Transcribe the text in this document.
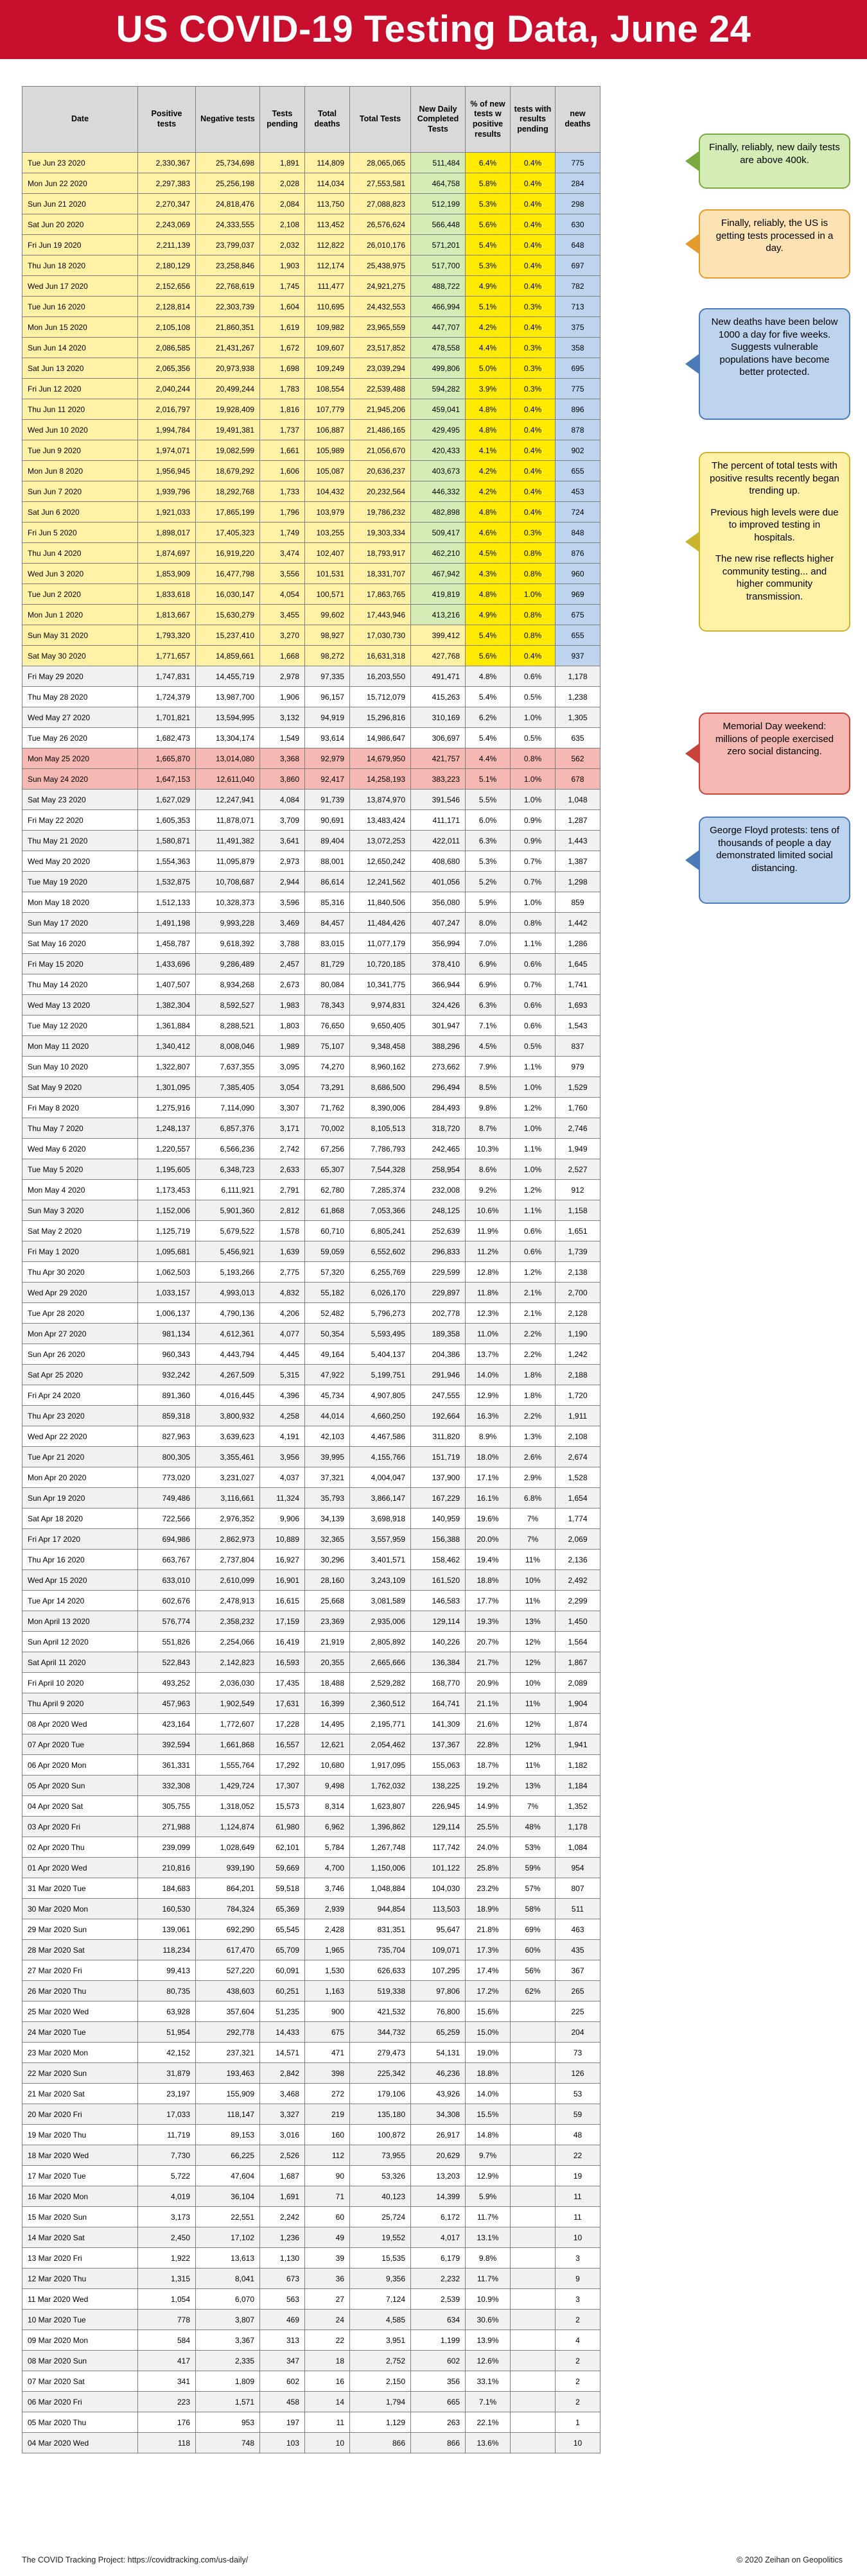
US COVID-19 Testing Data, June 24
Date	Positive tests	Negative tests	Tests pending	Total deaths	Total Tests	New Daily Completed Tests	% of new tests w positive results	tests with results pending	new deaths
Tue Jun 23 2020	2,330,367	25,734,698	1,891	114,809	28,065,065	511,484	6.4%	0.4%	775
Mon Jun 22 2020	2,297,383	25,256,198	2,028	114,034	27,553,581	464,758	5.8%	0.4%	284
Sun Jun 21 2020	2,270,347	24,818,476	2,084	113,750	27,088,823	512,199	5.3%	0.4%	298
Sat Jun 20 2020	2,243,069	24,333,555	2,108	113,452	26,576,624	566,448	5.6%	0.4%	630
Fri Jun 19 2020	2,211,139	23,799,037	2,032	112,822	26,010,176	571,201	5.4%	0.4%	648
Thu Jun 18 2020	2,180,129	23,258,846	1,903	112,174	25,438,975	517,700	5.3%	0.4%	697
Wed Jun 17 2020	2,152,656	22,768,619	1,745	111,477	24,921,275	488,722	4.9%	0.4%	782
Tue Jun 16 2020	2,128,814	22,303,739	1,604	110,695	24,432,553	466,994	5.1%	0.3%	713
Mon Jun 15 2020	2,105,108	21,860,351	1,619	109,982	23,965,559	447,707	4.2%	0.4%	375
Sun Jun 14 2020	2,086,585	21,431,267	1,672	109,607	23,517,852	478,558	4.4%	0.3%	358
Sat Jun 13 2020	2,065,356	20,973,938	1,698	109,249	23,039,294	499,806	5.0%	0.3%	695
Fri Jun 12 2020	2,040,244	20,499,244	1,783	108,554	22,539,488	594,282	3.9%	0.3%	775
Thu Jun 11 2020	2,016,797	19,928,409	1,816	107,779	21,945,206	459,041	4.8%	0.4%	896
Wed Jun 10 2020	1,994,784	19,491,381	1,737	106,887	21,486,165	429,495	4.8%	0.4%	878
Tue Jun 9 2020	1,974,071	19,082,599	1,661	105,989	21,056,670	420,433	4.1%	0.4%	902
Mon Jun 8 2020	1,956,945	18,679,292	1,606	105,087	20,636,237	403,673	4.2%	0.4%	655
Sun Jun 7 2020	1,939,796	18,292,768	1,733	104,432	20,232,564	446,332	4.2%	0.4%	453
Sat Jun 6 2020	1,921,033	17,865,199	1,796	103,979	19,786,232	482,898	4.8%	0.4%	724
Fri Jun 5 2020	1,898,017	17,405,323	1,749	103,255	19,303,334	509,417	4.6%	0.3%	848
Thu Jun 4 2020	1,874,697	16,919,220	3,474	102,407	18,793,917	462,210	4.5%	0.8%	876
Wed Jun 3 2020	1,853,909	16,477,798	3,556	101,531	18,331,707	467,942	4.3%	0.8%	960
Tue Jun 2 2020	1,833,618	16,030,147	4,054	100,571	17,863,765	419,819	4.8%	1.0%	969
Mon Jun 1 2020	1,813,667	15,630,279	3,455	99,602	17,443,946	413,216	4.9%	0.8%	675
Sun May 31 2020	1,793,320	15,237,410	3,270	98,927	17,030,730	399,412	5.4%	0.8%	655
Sat May 30 2020	1,771,657	14,859,661	1,668	98,272	16,631,318	427,768	5.6%	0.4%	937
Fri May 29 2020	1,747,831	14,455,719	2,978	97,335	16,203,550	491,471	4.8%	0.6%	1,178
Thu May 28 2020	1,724,379	13,987,700	1,906	96,157	15,712,079	415,263	5.4%	0.5%	1,238
Wed May 27 2020	1,701,821	13,594,995	3,132	94,919	15,296,816	310,169	6.2%	1.0%	1,305
Tue May 26 2020	1,682,473	13,304,174	1,549	93,614	14,986,647	306,697	5.4%	0.5%	635
Mon May 25 2020	1,665,870	13,014,080	3,368	92,979	14,679,950	421,757	4.4%	0.8%	562
Sun May 24 2020	1,647,153	12,611,040	3,860	92,417	14,258,193	383,223	5.1%	1.0%	678
Sat May 23 2020	1,627,029	12,247,941	4,084	91,739	13,874,970	391,546	5.5%	1.0%	1,048
Fri May 22 2020	1,605,353	11,878,071	3,709	90,691	13,483,424	411,171	6.0%	0.9%	1,287
Thu May 21 2020	1,580,871	11,491,382	3,641	89,404	13,072,253	422,011	6.3%	0.9%	1,443
Wed May 20 2020	1,554,363	11,095,879	2,973	88,001	12,650,242	408,680	5.3%	0.7%	1,387
Tue May 19 2020	1,532,875	10,708,687	2,944	86,614	12,241,562	401,056	5.2%	0.7%	1,298
Mon May 18 2020	1,512,133	10,328,373	3,596	85,316	11,840,506	356,080	5.9%	1.0%	859
Sun May 17 2020	1,491,198	9,993,228	3,469	84,457	11,484,426	407,247	8.0%	0.8%	1,442
Sat May 16 2020	1,458,787	9,618,392	3,788	83,015	11,077,179	356,994	7.0%	1.1%	1,286
Fri May 15 2020	1,433,696	9,286,489	2,457	81,729	10,720,185	378,410	6.9%	0.6%	1,645
Thu May 14 2020	1,407,507	8,934,268	2,673	80,084	10,341,775	366,944	6.9%	0.7%	1,741
Wed May 13 2020	1,382,304	8,592,527	1,983	78,343	9,974,831	324,426	6.3%	0.6%	1,693
Tue May 12 2020	1,361,884	8,288,521	1,803	76,650	9,650,405	301,947	7.1%	0.6%	1,543
Mon May 11 2020	1,340,412	8,008,046	1,989	75,107	9,348,458	388,296	4.5%	0.5%	837
Sun May 10 2020	1,322,807	7,637,355	3,095	74,270	8,960,162	273,662	7.9%	1.1%	979
Sat May 9 2020	1,301,095	7,385,405	3,054	73,291	8,686,500	296,494	8.5%	1.0%	1,529
Fri May 8 2020	1,275,916	7,114,090	3,307	71,762	8,390,006	284,493	9.8%	1.2%	1,760
Thu May 7 2020	1,248,137	6,857,376	3,171	70,002	8,105,513	318,720	8.7%	1.0%	2,746
Wed May 6 2020	1,220,557	6,566,236	2,742	67,256	7,786,793	242,465	10.3%	1.1%	1,949
Tue May 5 2020	1,195,605	6,348,723	2,633	65,307	7,544,328	258,954	8.6%	1.0%	2,527
Mon May 4 2020	1,173,453	6,111,921	2,791	62,780	7,285,374	232,008	9.2%	1.2%	912
Sun May 3 2020	1,152,006	5,901,360	2,812	61,868	7,053,366	248,125	10.6%	1.1%	1,158
Sat May 2 2020	1,125,719	5,679,522	1,578	60,710	6,805,241	252,639	11.9%	0.6%	1,651
Fri May 1 2020	1,095,681	5,456,921	1,639	59,059	6,552,602	296,833	11.2%	0.6%	1,739
Thu Apr 30 2020	1,062,503	5,193,266	2,775	57,320	6,255,769	229,599	12.8%	1.2%	2,138
Wed Apr 29 2020	1,033,157	4,993,013	4,832	55,182	6,026,170	229,897	11.8%	2.1%	2,700
Tue Apr 28 2020	1,006,137	4,790,136	4,206	52,482	5,796,273	202,778	12.3%	2.1%	2,128
Mon Apr 27 2020	981,134	4,612,361	4,077	50,354	5,593,495	189,358	11.0%	2.2%	1,190
Sun Apr 26 2020	960,343	4,443,794	4,445	49,164	5,404,137	204,386	13.7%	2.2%	1,242
Sat Apr 25 2020	932,242	4,267,509	5,315	47,922	5,199,751	291,946	14.0%	1.8%	2,188
Fri Apr 24 2020	891,360	4,016,445	4,396	45,734	4,907,805	247,555	12.9%	1.8%	1,720
Thu Apr 23 2020	859,318	3,800,932	4,258	44,014	4,660,250	192,664	16.3%	2.2%	1,911
Wed Apr 22 2020	827,963	3,639,623	4,191	42,103	4,467,586	311,820	8.9%	1.3%	2,108
Tue Apr 21 2020	800,305	3,355,461	3,956	39,995	4,155,766	151,719	18.0%	2.6%	2,674
Mon Apr 20 2020	773,020	3,231,027	4,037	37,321	4,004,047	137,900	17.1%	2.9%	1,528
Sun Apr 19 2020	749,486	3,116,661	11,324	35,793	3,866,147	167,229	16.1%	6.8%	1,654
Sat Apr 18 2020	722,566	2,976,352	9,906	34,139	3,698,918	140,959	19.6%	7%	1,774
Fri Apr 17 2020	694,986	2,862,973	10,889	32,365	3,557,959	156,388	20.0%	7%	2,069
Thu Apr 16 2020	663,767	2,737,804	16,927	30,296	3,401,571	158,462	19.4%	11%	2,136
Wed Apr 15 2020	633,010	2,610,099	16,901	28,160	3,243,109	161,520	18.8%	10%	2,492
Tue Apr 14 2020	602,676	2,478,913	16,615	25,668	3,081,589	146,583	17.7%	11%	2,299
Mon April 13 2020	576,774	2,358,232	17,159	23,369	2,935,006	129,114	19.3%	13%	1,450
Sun April 12 2020	551,826	2,254,066	16,419	21,919	2,805,892	140,226	20.7%	12%	1,564
Sat April 11 2020	522,843	2,142,823	16,593	20,355	2,665,666	136,384	21.7%	12%	1,867
Fri April 10 2020	493,252	2,036,030	17,435	18,488	2,529,282	168,770	20.9%	10%	2,089
Thu April 9 2020	457,963	1,902,549	17,631	16,399	2,360,512	164,741	21.1%	11%	1,904
08 Apr 2020 Wed	423,164	1,772,607	17,228	14,495	2,195,771	141,309	21.6%	12%	1,874
07 Apr 2020 Tue	392,594	1,661,868	16,557	12,621	2,054,462	137,367	22.8%	12%	1,941
06 Apr 2020 Mon	361,331	1,555,764	17,292	10,680	1,917,095	155,063	18.7%	11%	1,182
05 Apr 2020 Sun	332,308	1,429,724	17,307	9,498	1,762,032	138,225	19.2%	13%	1,184
04 Apr 2020 Sat	305,755	1,318,052	15,573	8,314	1,623,807	226,945	14.9%	7%	1,352
03 Apr 2020 Fri	271,988	1,124,874	61,980	6,962	1,396,862	129,114	25.5%	48%	1,178
02 Apr 2020 Thu	239,099	1,028,649	62,101	5,784	1,267,748	117,742	24.0%	53%	1,084
01 Apr 2020 Wed	210,816	939,190	59,669	4,700	1,150,006	101,122	25.8%	59%	954
31 Mar 2020 Tue	184,683	864,201	59,518	3,746	1,048,884	104,030	23.2%	57%	807
30 Mar 2020 Mon	160,530	784,324	65,369	2,939	944,854	113,503	18.9%	58%	511
29 Mar 2020 Sun	139,061	692,290	65,545	2,428	831,351	95,647	21.8%	69%	463
28 Mar 2020 Sat	118,234	617,470	65,709	1,965	735,704	109,071	17.3%	60%	435
27 Mar 2020 Fri	99,413	527,220	60,091	1,530	626,633	107,295	17.4%	56%	367
26 Mar 2020 Thu	80,735	438,603	60,251	1,163	519,338	97,806	17.2%	62%	265
25 Mar 2020 Wed	63,928	357,604	51,235	900	421,532	76,800	15.6%		225
24 Mar 2020 Tue	51,954	292,778	14,433	675	344,732	65,259	15.0%		204
23 Mar 2020 Mon	42,152	237,321	14,571	471	279,473	54,131	19.0%		73
22 Mar 2020 Sun	31,879	193,463	2,842	398	225,342	46,236	18.8%		126
21 Mar 2020 Sat	23,197	155,909	3,468	272	179,106	43,926	14.0%		53
20 Mar 2020 Fri	17,033	118,147	3,327	219	135,180	34,308	15.5%		59
19 Mar 2020 Thu	11,719	89,153	3,016	160	100,872	26,917	14.8%		48
18 Mar 2020 Wed	7,730	66,225	2,526	112	73,955	20,629	9.7%		22
17 Mar 2020 Tue	5,722	47,604	1,687	90	53,326	13,203	12.9%		19
16 Mar 2020 Mon	4,019	36,104	1,691	71	40,123	14,399	5.9%		11
15 Mar 2020 Sun	3,173	22,551	2,242	60	25,724	6,172	11.7%		11
14 Mar 2020 Sat	2,450	17,102	1,236	49	19,552	4,017	13.1%		10
13 Mar 2020 Fri	1,922	13,613	1,130	39	15,535	6,179	9.8%		3
12 Mar 2020 Thu	1,315	8,041	673	36	9,356	2,232	11.7%		9
11 Mar 2020 Wed	1,054	6,070	563	27	7,124	2,539	10.9%		3
10 Mar 2020 Tue	778	3,807	469	24	4,585	634	30.6%		2
09 Mar 2020 Mon	584	3,367	313	22	3,951	1,199	13.9%		4
08 Mar 2020 Sun	417	2,335	347	18	2,752	602	12.6%		2
07 Mar 2020 Sat	341	1,809	602	16	2,150	356	33.1%		2
06 Mar 2020 Fri	223	1,571	458	14	1,794	665	7.1%		2
05 Mar 2020 Thu	176	953	197	11	1,129	263	22.1%		1
04 Mar 2020 Wed	118	748	103	10	866	866	13.6%		10

Finally, reliably, new daily tests are above 400k.

Finally, reliably, the US is getting tests processed in a day.

New deaths have been below 1000 a day for five weeks. Suggests vulnerable populations have become better protected.

The percent of total tests with positive results recently began trending up.

Previous high levels were due to improved testing in hospitals.

The new rise reflects higher community testing... and higher community transmission.

Memorial Day weekend: millions of people exercised zero social distancing.

George Floyd protests: tens of thousands of people a day demonstrated limited social distancing.

The COVID Tracking Project: https://covidtracking.com/us-daily/	© 2020 Zeihan on Geopolitics
